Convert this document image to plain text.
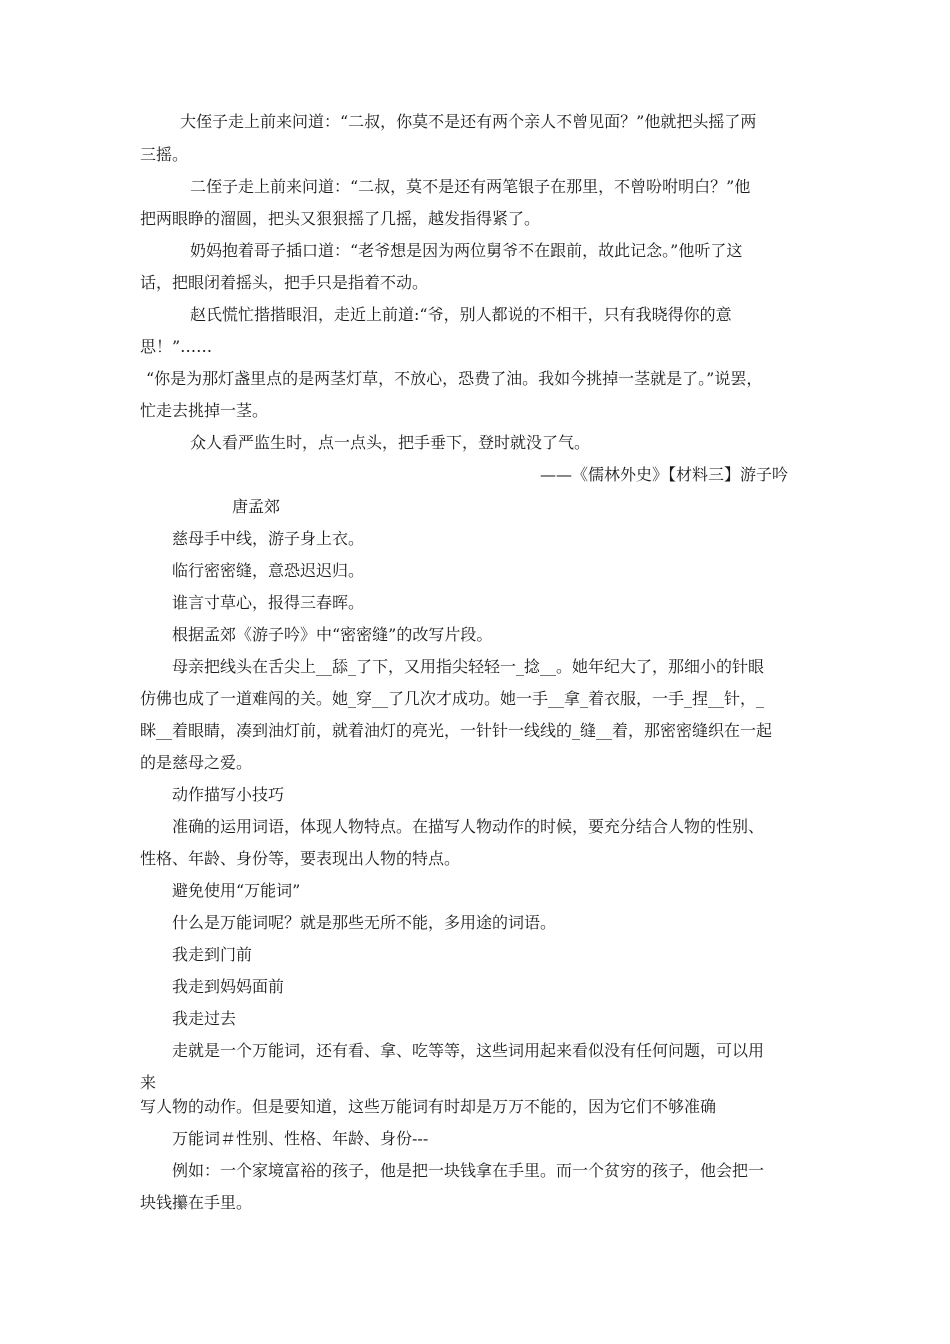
大侄子走上前来问道：“二叔，你莫不是还有两个亲人不曾见面？”他就把头摇了两
三摇。
二侄子走上前来问道：“二叔，莫不是还有两笔银子在那里，不曾吩咐明白？”他
把两眼睁的溜圆，把头又狠狠摇了几摇，越发指得紧了。
奶妈抱着哥子插口道：“老爷想是因为两位舅爷不在跟前，故此记念。”他听了这
话，把眼闭着摇头，把手只是指着不动。
赵氏慌忙揩揩眼泪，走近上前道:“爷，别人都说的不相干，只有我晓得你的意
思！”……
“你是为那灯盏里点的是两茎灯草，不放心，恐费了油。我如今挑掉一茎就是了。”说罢，
忙走去挑掉一茎。
众人看严监生时，点一点头，把手垂下，登时就没了气。
——《儒林外史》【材料三】游子吟
唐孟郊
慈母手中线，游子身上衣。
临行密密缝，意恐迟迟归。
谁言寸草心，报得三春晖。
根据孟郊《游子吟》中“密密缝”的改写片段。
母亲把线头在舌尖上__舔_了下，又用指尖轻轻一_捻__。她年纪大了，那细小的针眼
仿佛也成了一道难闯的关。她_穿__了几次才成功。她一手__拿_着衣服，一手_捏__针，_
眯__着眼睛，凑到油灯前，就着油灯的亮光，一针针一线线的_缝__着，那密密缝织在一起
的是慈母之爱。
动作描写小技巧
准确的运用词语，体现人物特点。在描写人物动作的时候，要充分结合人物的性别、
性格、年龄、身份等，要表现出人物的特点。
避免使用“万能词”
什么是万能词呢？就是那些无所不能，多用途的词语。
我走到门前
我走到妈妈面前
我走过去
走就是一个万能词，还有看、拿、吃等等，这些词用起来看似没有任何问题，可以用
来
写人物的动作。但是要知道，这些万能词有时却是万万不能的，因为它们不够准确
万能词＃性别、性格、年龄、身份---
例如：一个家境富裕的孩子，他是把一块钱拿在手里。而一个贫穷的孩子，他会把一
块钱攥在手里。
